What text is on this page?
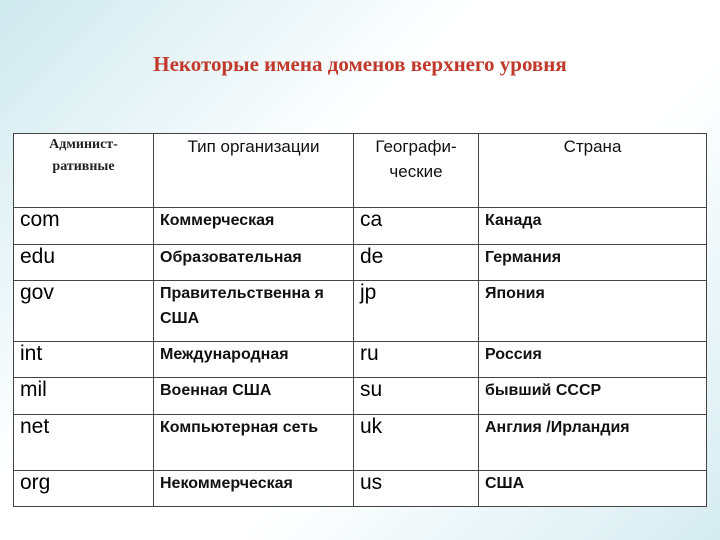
Некоторые имена доменов верхнего уровня
Админист-ративные	Тип организации	Географи-ческие	Страна
com	Коммерческая	ca	Канада
edu	Образовательная	de	Германия
gov	Правительственна я США	jp	Япония
int	Международная	ru	Россия
mil	Военная США	su	бывший СССР
net	Компьютерная сеть	uk	Англия /Ирландия
org	Некоммерческая	us	США
